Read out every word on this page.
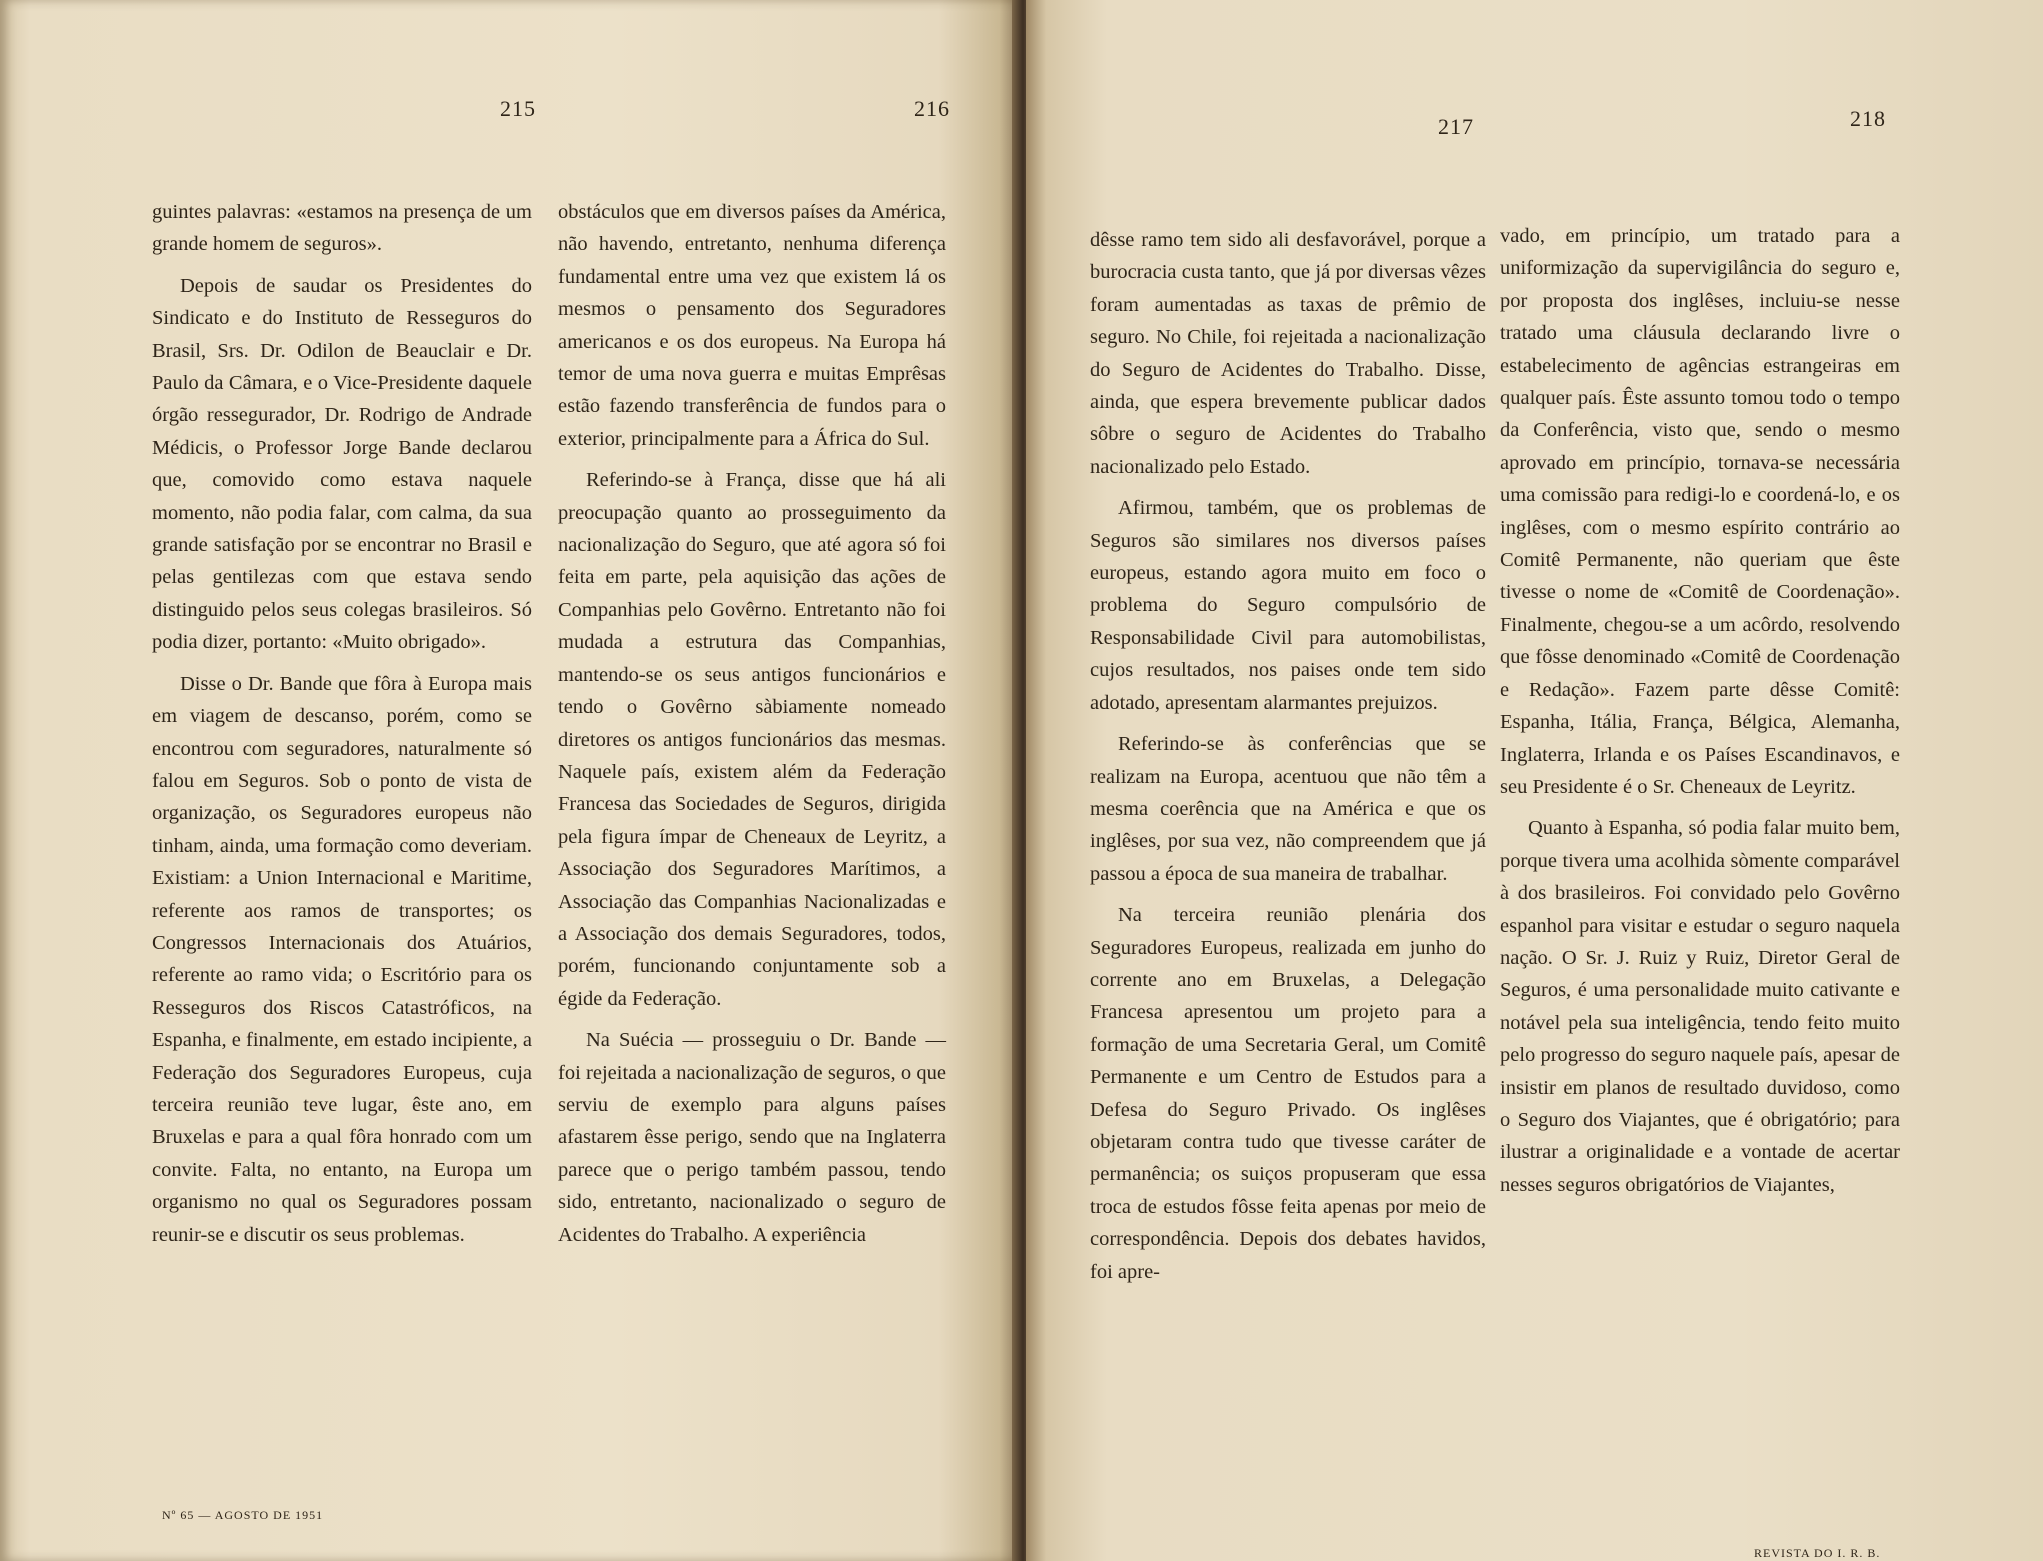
215	216

guintes palavras: «estamos na presença de um grande homem de seguros».

Depois de saudar os Presidentes do Sindicato e do Instituto de Resseguros do Brasil, Srs. Dr. Odilon de Beauclair e Dr. Paulo da Câmara, e o Vice-Presidente daquele órgão ressegurador, Dr. Rodrigo de Andrade Médicis, o Professor Jorge Bande declarou que, comovido como estava naquele momento, não podia falar, com calma, da sua grande satisfação por se encontrar no Brasil e pelas gentilezas com que estava sendo distinguido pelos seus colegas brasileiros. Só podia dizer, portanto: «Muito obrigado».

Disse o Dr. Bande que fôra à Europa mais em viagem de descanso, porém, como se encontrou com seguradores, naturalmente só falou em Seguros. Sob o ponto de vista de organização, os Seguradores europeus não tinham, ainda, uma formação como deveriam. Existiam: a Union Internacional e Maritime, referente aos ramos de transportes; os Congressos Internacionais dos Atuários, referente ao ramo vida; o Escritório para os Resseguros dos Riscos Catastróficos, na Espanha, e finalmente, em estado incipiente, a Federação dos Seguradores Europeus, cuja terceira reunião teve lugar, êste ano, em Bruxelas e para a qual fôra honrado com um convite. Falta, no entanto, na Europa um organismo no qual os Seguradores possam reunir-se e discutir os seus problemas.

obstáculos que em diversos países da América, não havendo, entretanto, nenhuma diferença fundamental entre uma vez que existem lá os mesmos o pensamento dos Seguradores americanos e os dos europeus. Na Europa há temor de uma nova guerra e muitas Emprêsas estão fazendo transferência de fundos para o exterior, principalmente para a África do Sul.

Referindo-se à França, disse que há ali preocupação quanto ao prosseguimento da nacionalização do Seguro, que até agora só foi feita em parte, pela aquisição das ações de Companhias pelo Govêrno. Entretanto não foi mudada a estrutura das Companhias, mantendo-se os seus antigos funcionários e tendo o Govêrno sàbiamente nomeado diretores os antigos funcionários das mesmas. Naquele país, existem além da Federação Francesa das Sociedades de Seguros, dirigida pela figura ímpar de Cheneaux de Leyritz, a Associação dos Seguradores Marítimos, a Associação das Companhias Nacionalizadas e a Associação dos demais Seguradores, todos, porém, funcionando conjuntamente sob a égide da Federação.

Na Suécia — prosseguiu o Dr. Bande — foi rejeitada a nacionalização de seguros, o que serviu de exemplo para alguns países afastarem êsse perigo, sendo que na Inglaterra parece que o perigo também passou, tendo sido, entretanto, nacionalizado o seguro de Acidentes do Trabalho. A experiência

Nº 65 — AGOSTO DE 1951
217	218

dêsse ramo tem sido ali desfavorável, porque a burocracia custa tanto, que já por diversas vêzes foram aumentadas as taxas de prêmio de seguro. No Chile, foi rejeitada a nacionalização do Seguro de Acidentes do Trabalho. Disse, ainda, que espera brevemente publicar dados sôbre o seguro de Acidentes do Trabalho nacionalizado pelo Estado.

Afirmou, também, que os problemas de Seguros são similares nos diversos países europeus, estando agora muito em foco o problema do Seguro compulsório de Responsabilidade Civil para automobilistas, cujos resultados, nos paises onde tem sido adotado, apresentam alarmantes prejuizos.

Referindo-se às conferências que se realizam na Europa, acentuou que não têm a mesma coerência que na América e que os inglêses, por sua vez, não compreendem que já passou a época de sua maneira de trabalhar.

Na terceira reunião plenária dos Seguradores Europeus, realizada em junho do corrente ano em Bruxelas, a Delegação Francesa apresentou um projeto para a formação de uma Secretaria Geral, um Comitê Permanente e um Centro de Estudos para a Defesa do Seguro Privado. Os inglêses objetaram contra tudo que tivesse caráter de permanência; os suiços propuseram que essa troca de estudos fôsse feita apenas por meio de correspondência. Depois dos debates havidos, foi apre-

vado, em princípio, um tratado para a uniformização da supervigilância do seguro e, por proposta dos inglêses, incluiu-se nesse tratado uma cláusula declarando livre o estabelecimento de agências estrangeiras em qualquer país. Êste assunto tomou todo o tempo da Conferência, visto que, sendo o mesmo aprovado em princípio, tornava-se necessária uma comissão para redigi-lo e coordená-lo, e os inglêses, com o mesmo espírito contrário ao Comitê Permanente, não queriam que êste tivesse o nome de «Comitê de Coordenação». Finalmente, chegou-se a um acôrdo, resolvendo que fôsse denominado «Comitê de Coordenação e Redação». Fazem parte dêsse Comitê: Espanha, Itália, França, Bélgica, Alemanha, Inglaterra, Irlanda e os Países Escandinavos, e seu Presidente é o Sr. Cheneaux de Leyritz.

Quanto à Espanha, só podia falar muito bem, porque tivera uma acolhida sòmente comparável à dos brasileiros. Foi convidado pelo Govêrno espanhol para visitar e estudar o seguro naquela nação. O Sr. J. Ruiz y Ruiz, Diretor Geral de Seguros, é uma personalidade muito cativante e notável pela sua inteligência, tendo feito muito pelo progresso do seguro naquele país, apesar de insistir em planos de resultado duvidoso, como o Seguro dos Viajantes, que é obrigatório; para ilustrar a originalidade e a vontade de acertar nesses seguros obrigatórios de Viajantes,

REVISTA DO I. R. B.
